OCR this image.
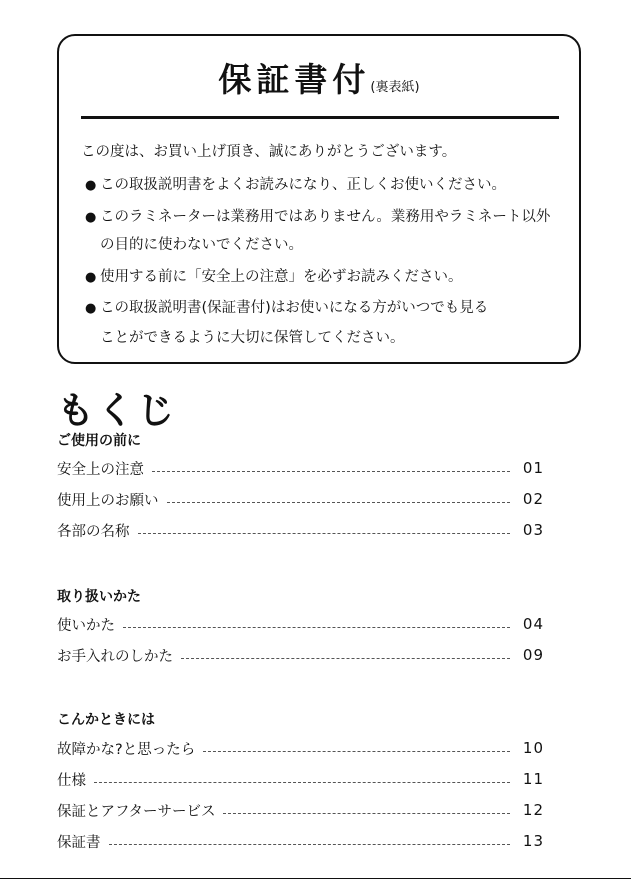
保証書付(裏表紙)
この度は、お買い上げ頂き、誠にありがとうございます。
● この取扱説明書をよくお読みになり、正しくお使いください。
● このラミネーターは業務用ではありません。業務用やラミネート以外
の目的に使わないでください。
● 使用する前に「安全上の注意」を必ずお読みください。
● この取扱説明書(保証書付)はお使いになる方がいつでも見る
ことができるように大切に保管してください。
もくじ
ご使用の前に
安全上の注意	01
使用上のお願い	02
各部の名称	03
取り扱いかた
使いかた	04
お手入れのしかた	09
こんかときには
故障かな?と思ったら	10
仕様	11
保証とアフターサービス	12
保証書	13
